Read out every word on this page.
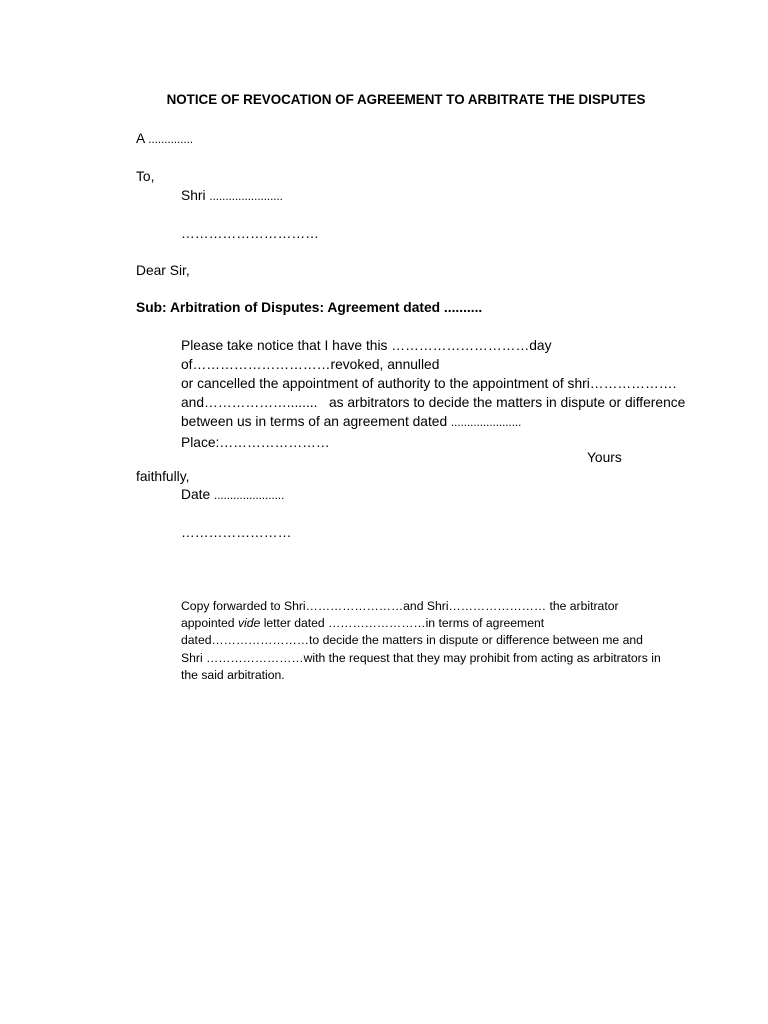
NOTICE OF REVOCATION OF AGREEMENT TO ARBITRATE THE DISPUTES

A ..............

To,

Shri .......................

…………………………

Dear Sir,

Sub: Arbitration of Disputes: Agreement dated ..........

Please take notice that I have this …………………………day
of…………………………revoked, annulled
or cancelled the appointment of authority to the appointment of shri……………….
and………………........ as arbitrators to decide the matters in dispute or difference
between us in terms of an agreement dated ......................
Place:……………………

Yours

faithfully,

Date ......................

……………………

Copy forwarded to Shri……………………and Shri…………………… the arbitrator
appointed vide letter dated ……………………in terms of agreement
dated……………………to decide the matters in dispute or difference between me and
Shri ……………………with the request that they may prohibit from acting as arbitrators in
the said arbitration.
